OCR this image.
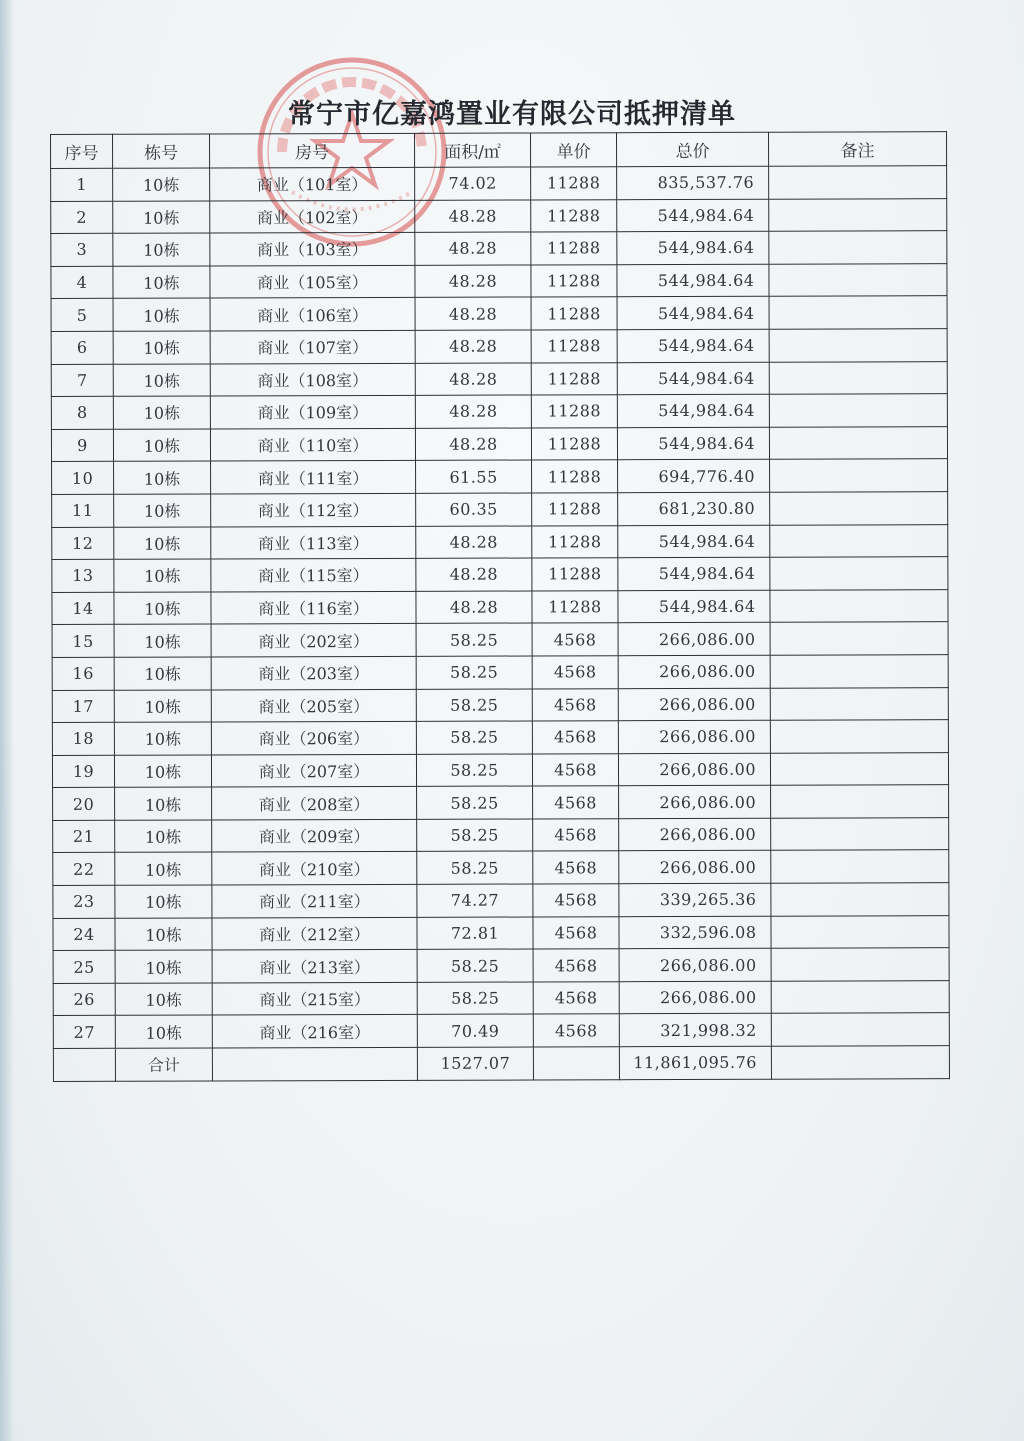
常宁市亿嘉鸿置业有限公司抵押清单
序号	栋号	房号	面积/㎡	单价	总价	备注
1	10栋	商业（101室）	74.02	11288	835,537.76	
2	10栋	商业（102室）	48.28	11288	544,984.64	
3	10栋	商业（103室）	48.28	11288	544,984.64	
4	10栋	商业（105室）	48.28	11288	544,984.64	
5	10栋	商业（106室）	48.28	11288	544,984.64	
6	10栋	商业（107室）	48.28	11288	544,984.64	
7	10栋	商业（108室）	48.28	11288	544,984.64	
8	10栋	商业（109室）	48.28	11288	544,984.64	
9	10栋	商业（110室）	48.28	11288	544,984.64	
10	10栋	商业（111室）	61.55	11288	694,776.40	
11	10栋	商业（112室）	60.35	11288	681,230.80	
12	10栋	商业（113室）	48.28	11288	544,984.64	
13	10栋	商业（115室）	48.28	11288	544,984.64	
14	10栋	商业（116室）	48.28	11288	544,984.64	
15	10栋	商业（202室）	58.25	4568	266,086.00	
16	10栋	商业（203室）	58.25	4568	266,086.00	
17	10栋	商业（205室）	58.25	4568	266,086.00	
18	10栋	商业（206室）	58.25	4568	266,086.00	
19	10栋	商业（207室）	58.25	4568	266,086.00	
20	10栋	商业（208室）	58.25	4568	266,086.00	
21	10栋	商业（209室）	58.25	4568	266,086.00	
22	10栋	商业（210室）	58.25	4568	266,086.00	
23	10栋	商业（211室）	74.27	4568	339,265.36	
24	10栋	商业（212室）	72.81	4568	332,596.08	
25	10栋	商业（213室）	58.25	4568	266,086.00	
26	10栋	商业（215室）	58.25	4568	266,086.00	
27	10栋	商业（216室）	70.49	4568	321,998.32	
	合计		1527.07		11,861,095.76	
